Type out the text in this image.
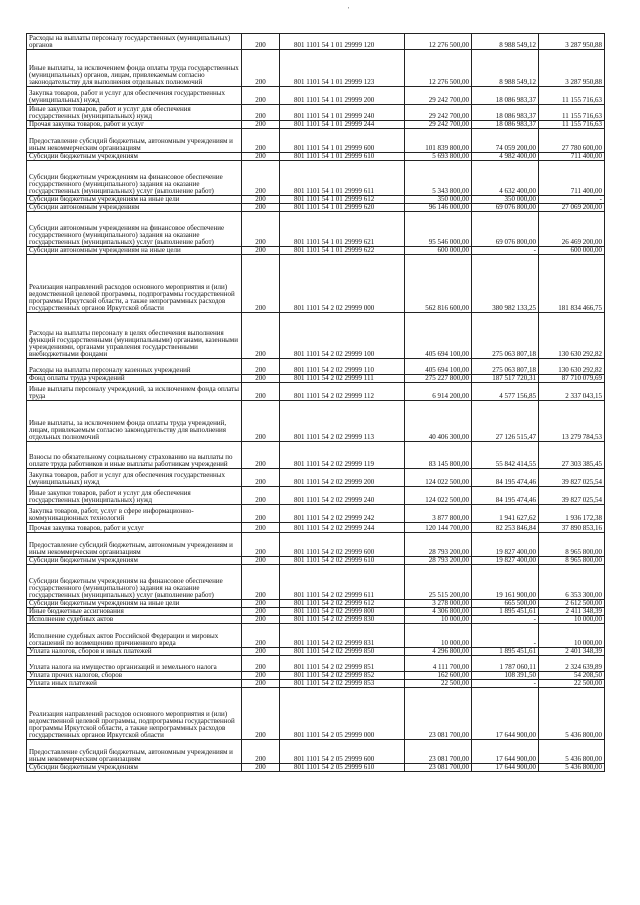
'
Расходы на выплаты персоналу государственных (муниципальных) органов	200	801 1101 54 1 01 29999 120	12 276 500,00	8 988 549,12	3 287 950,88
Иные выплаты, за исключением фонда оплаты труда государственных (муниципальных) органов, лицам, привлекаемым согласно законодательству для выполнения отдельных полномочий	200	801 1101 54 1 01 29999 123	12 276 500,00	8 988 549,12	3 287 950,88
Закупка товаров, работ и услуг для обеспечения государственных (муниципальных) нужд	200	801 1101 54 1 01 29999 200	29 242 700,00	18 086 983,37	11 155 716,63
Иные закупки товаров, работ и услуг для обеспечения государственных (муниципальных) нужд	200	801 1101 54 1 01 29999 240	29 242 700,00	18 086 983,37	11 155 716,63
Прочая закупка товаров, работ и услуг	200	801 1101 54 1 01 29999 244	29 242 700,00	18 086 983,37	11 155 716,63
Предоставление субсидий бюджетным, автономным учреждениям и иным некоммерческим организациям	200	801 1101 54 1 01 29999 600	101 839 800,00	74 059 200,00	27 780 600,00
Субсидии бюджетным учреждениям	200	801 1101 54 1 01 29999 610	5 693 800,00	4 982 400,00	711 400,00
Субсидии бюджетным учреждениям на финансовое обеспечение государственного (муниципального) задания на оказание государственных (муниципальных) услуг (выполнение работ)	200	801 1101 54 1 01 29999 611	5 343 800,00	4 632 400,00	711 400,00
Субсидии бюджетным учреждениям на иные цели	200	801 1101 54 1 01 29999 612	350 000,00	350 000,00	-
Субсидии автономным учреждениям	200	801 1101 54 1 01 29999 620	96 146 000,00	69 076 800,00	27 069 200,00
Субсидии автономным учреждениям на финансовое обеспечение государственного (муниципального) задания на оказание государственных (муниципальных) услуг (выполнение работ)	200	801 1101 54 1 01 29999 621	95 546 000,00	69 076 800,00	26 469 200,00
Субсидии автономным учреждениям на иные цели	200	801 1101 54 1 01 29999 622	600 000,00	-	600 000,00
Реализация направлений расходов основного мероприятия и (или) ведомственной целевой программы, подпрограммы государственной программы Иркутской области, а также непрограммных расходов государственных органов Иркутской области	200	801 1101 54 2 02 29999 000	562 816 600,00	380 982 133,25	181 834 466,75
Расходы на выплаты персоналу в целях обеспечения выполнения функций государственными (муниципальными) органами, казенными учреждениями, органами управления государственными внебюджетными фондами	200	801 1101 54 2 02 29999 100	405 694 100,00	275 063 807,18	130 630 292,82
Расходы на выплаты персоналу казенных учреждений	200	801 1101 54 2 02 29999 110	405 694 100,00	275 063 807,18	130 630 292,82
Фонд оплаты труда учреждений	200	801 1101 54 2 02 29999 111	275 227 800,00	187 517 720,31	87 710 079,69
Иные выплаты персоналу учреждений, за исключением фонда оплаты труда	200	801 1101 54 2 02 29999 112	6 914 200,00	4 577 156,85	2 337 043,15
Иные выплаты, за исключением фонда оплаты труда учреждений, лицам, привлекаемым согласно законодательству для выполнения отдельных полномочий	200	801 1101 54 2 02 29999 113	40 406 300,00	27 126 515,47	13 279 784,53
Взносы по обязательному социальному страхованию на выплаты по оплате труда работников и иные выплаты работникам учреждений	200	801 1101 54 2 02 29999 119	83 145 800,00	55 842 414,55	27 303 385,45
Закупка товаров, работ и услуг для обеспечения государственных (муниципальных) нужд	200	801 1101 54 2 02 29999 200	124 022 500,00	84 195 474,46	39 827 025,54
Иные закупки товаров, работ и услуг для обеспечения государственных (муниципальных) нужд	200	801 1101 54 2 02 29999 240	124 022 500,00	84 195 474,46	39 827 025,54
Закупка товаров, работ, услуг в сфере информационно-коммуникационных технологий	200	801 1101 54 2 02 29999 242	3 877 800,00	1 941 627,62	1 936 172,38
Прочая закупка товаров, работ и услуг	200	801 1101 54 2 02 29999 244	120 144 700,00	82 253 846,84	37 890 853,16
Предоставление субсидий бюджетным, автономным учреждениям и иным некоммерческим организациям	200	801 1101 54 2 02 29999 600	28 793 200,00	19 827 400,00	8 965 800,00
Субсидии бюджетным учреждениям	200	801 1101 54 2 02 29999 610	28 793 200,00	19 827 400,00	8 965 800,00
Субсидии бюджетным учреждениям на финансовое обеспечение государственного (муниципального) задания на оказание государственных (муниципальных) услуг (выполнение работ)	200	801 1101 54 2 02 29999 611	25 515 200,00	19 161 900,00	6 353 300,00
Субсидии бюджетным учреждениям на иные цели	200	801 1101 54 2 02 29999 612	3 278 000,00	665 500,00	2 612 500,00
Иные бюджетные ассигнования	200	801 1101 54 2 02 29999 800	4 306 800,00	1 895 451,61	2 411 348,39
Исполнение судебных актов	200	801 1101 54 2 02 29999 830	10 000,00	-	10 000,00
Исполнение судебных актов Российской Федерации и мировых соглашений по возмещению причиненного вреда	200	801 1101 54 2 02 29999 831	10 000,00	-	10 000,00
Уплата налогов, сборов и иных платежей	200	801 1101 54 2 02 29999 850	4 296 800,00	1 895 451,61	2 401 348,39
Уплата налога на имущество организаций и земельного налога	200	801 1101 54 2 02 29999 851	4 111 700,00	1 787 060,11	2 324 639,89
Уплата прочих налогов, сборов	200	801 1101 54 2 02 29999 852	162 600,00	108 391,50	54 208,50
Уплата иных платежей	200	801 1101 54 2 02 29999 853	22 500,00	-	22 500,00
Реализация направлений расходов основного мероприятия и (или) ведомственной целевой программы, подпрограммы государственной программы Иркутской области, а также непрограммных расходов государственных органов Иркутской области	200	801 1101 54 2 05 29999 000	23 081 700,00	17 644 900,00	5 436 800,00
Предоставление субсидий бюджетным, автономным учреждениям и иным некоммерческим организациям	200	801 1101 54 2 05 29999 600	23 081 700,00	17 644 900,00	5 436 800,00
Субсидии бюджетным учреждениям	200	801 1101 54 2 05 29999 610	23 081 700,00	17 644 900,00	5 436 800,00
